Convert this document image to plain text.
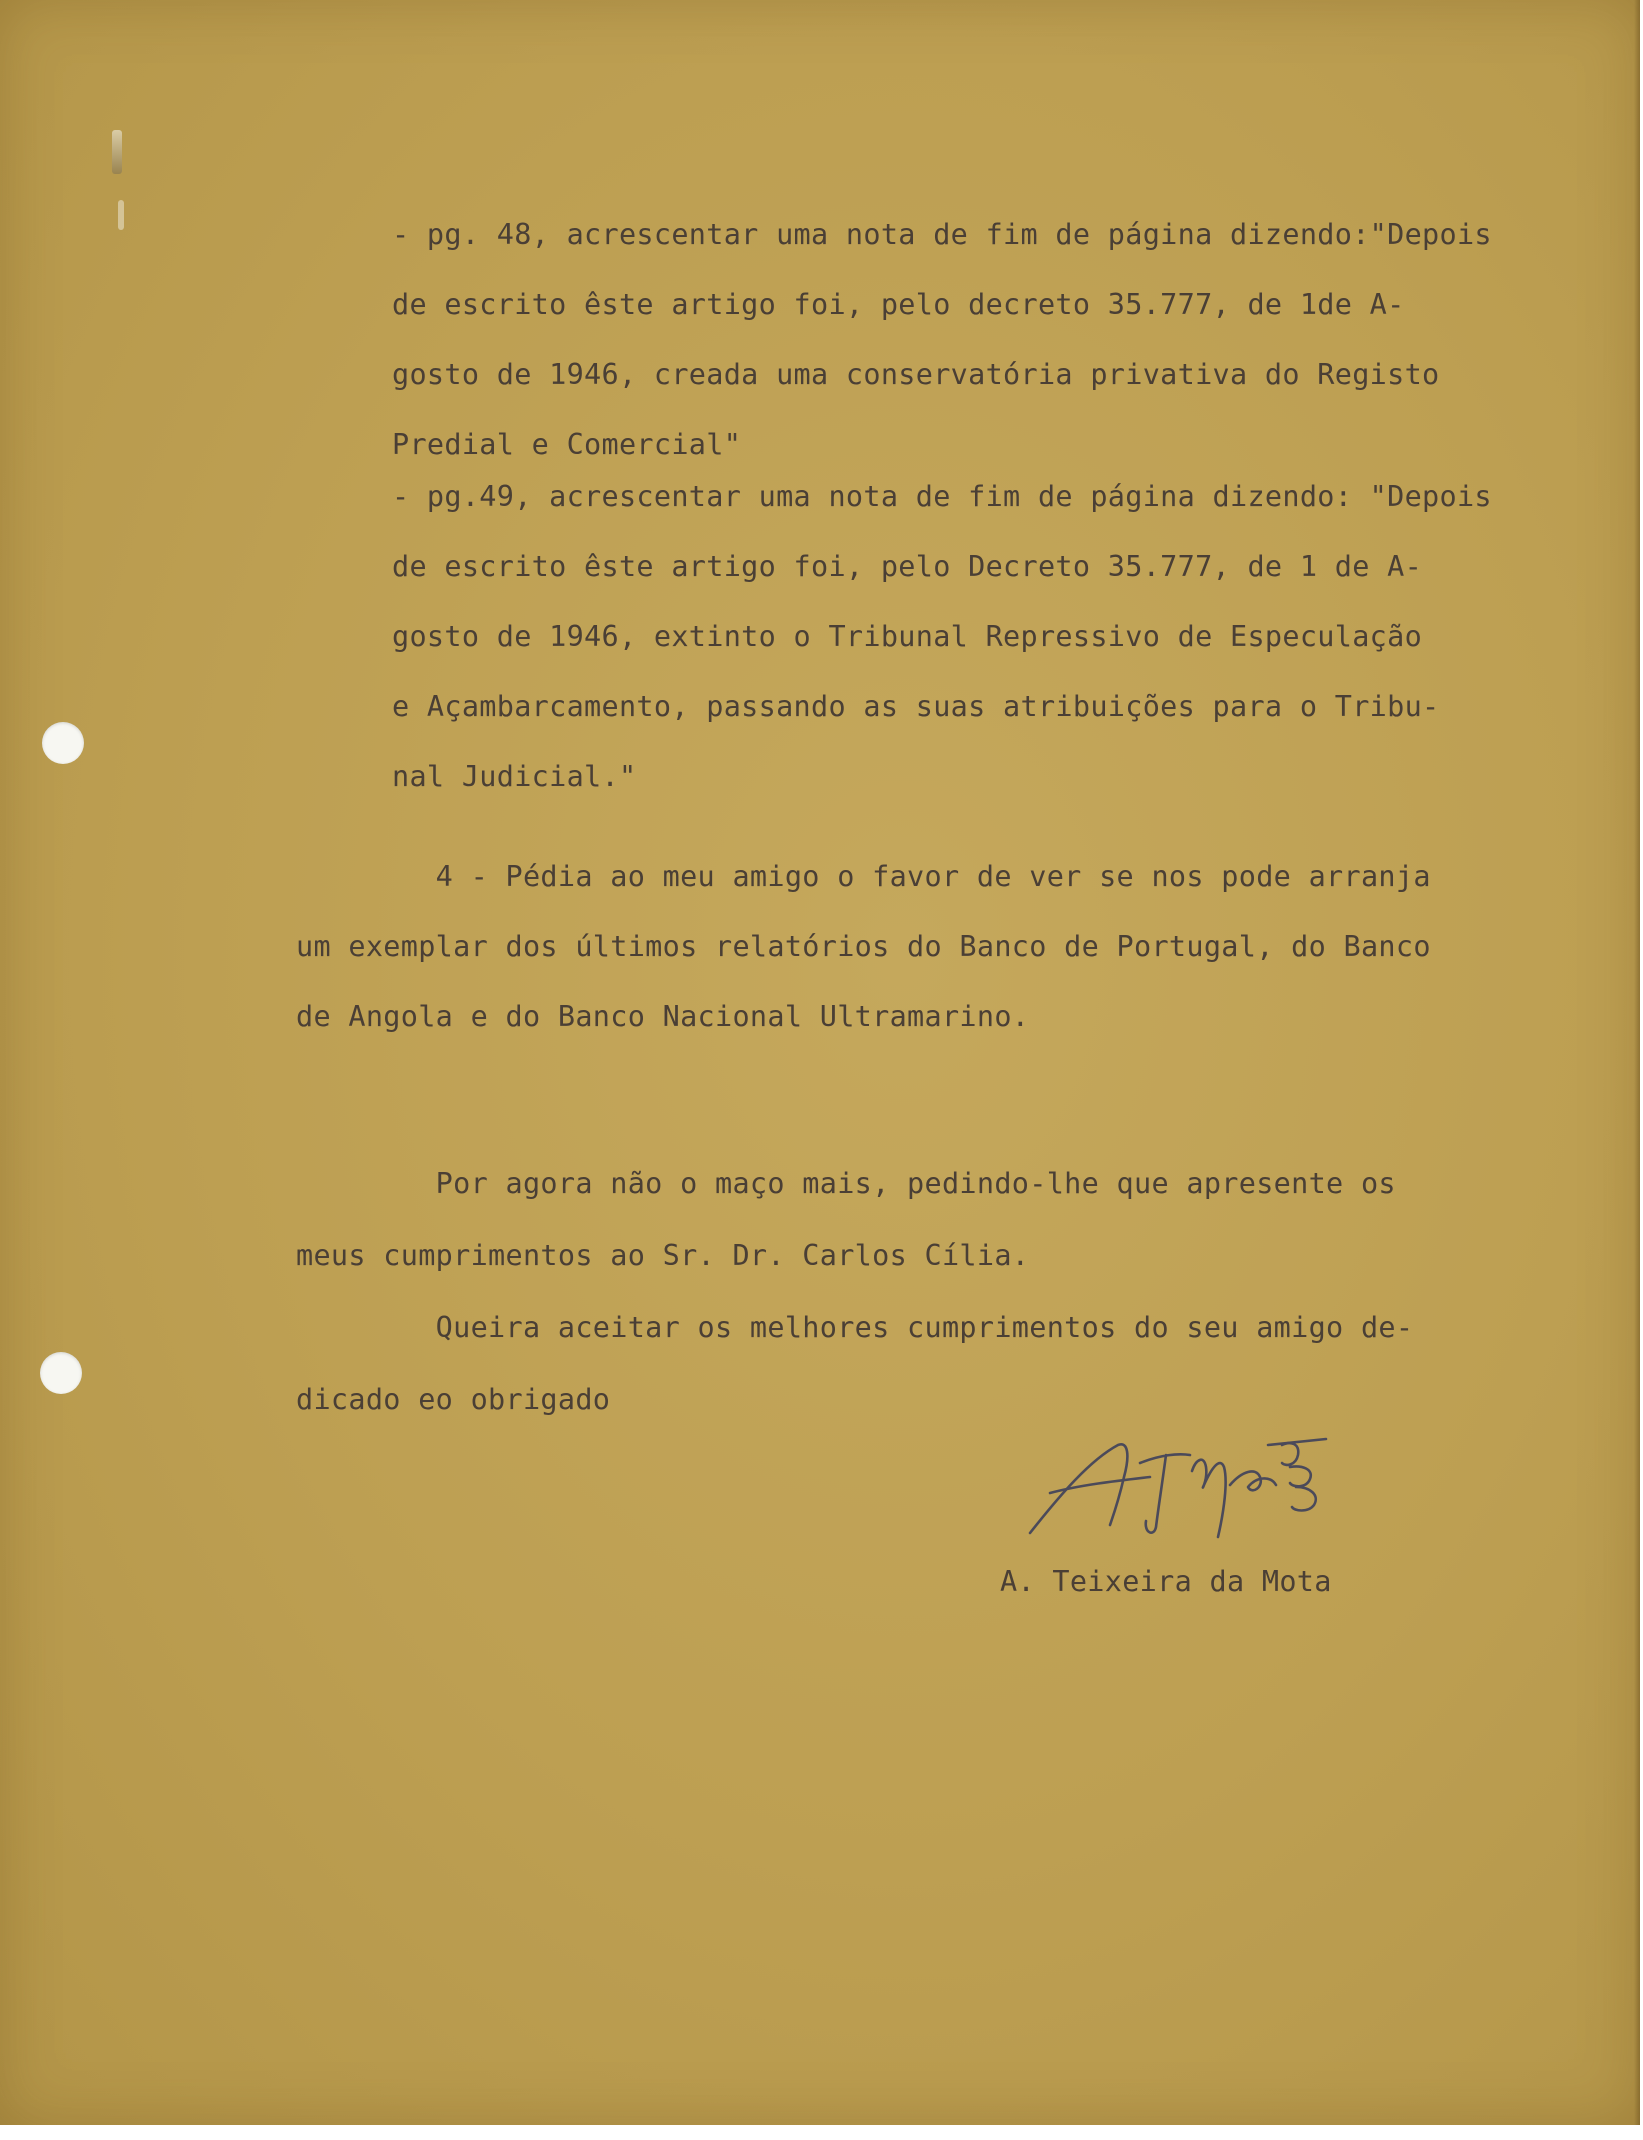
- pg. 48, acrescentar uma nota de fim de página dizendo:"Depois
de escrito êste artigo foi, pelo decreto 35.777, de 1de A-
gosto de 1946, creada uma conservatória privativa do Registo
Predial e Comercial"

- pg.49, acrescentar uma nota de fim de página dizendo: "Depois
de escrito êste artigo foi, pelo Decreto 35.777, de 1 de A-
gosto de 1946, extinto o Tribunal Repressivo de Especulação
e Açambarcamento, passando as suas atribuições para o Tribu-
nal Judicial."

4 - Pédia ao meu amigo o favor de ver se nos pode arranja
um exemplar dos últimos relatórios do Banco de Portugal, do Banco
de Angola e do Banco Nacional Ultramarino.

Por agora não o maço mais, pedindo-lhe que apresente os
meus cumprimentos ao Sr. Dr. Carlos Cília.
Queira aceitar os melhores cumprimentos do seu amigo de-
dicado eo obrigado

A. Teixeira da Mota
